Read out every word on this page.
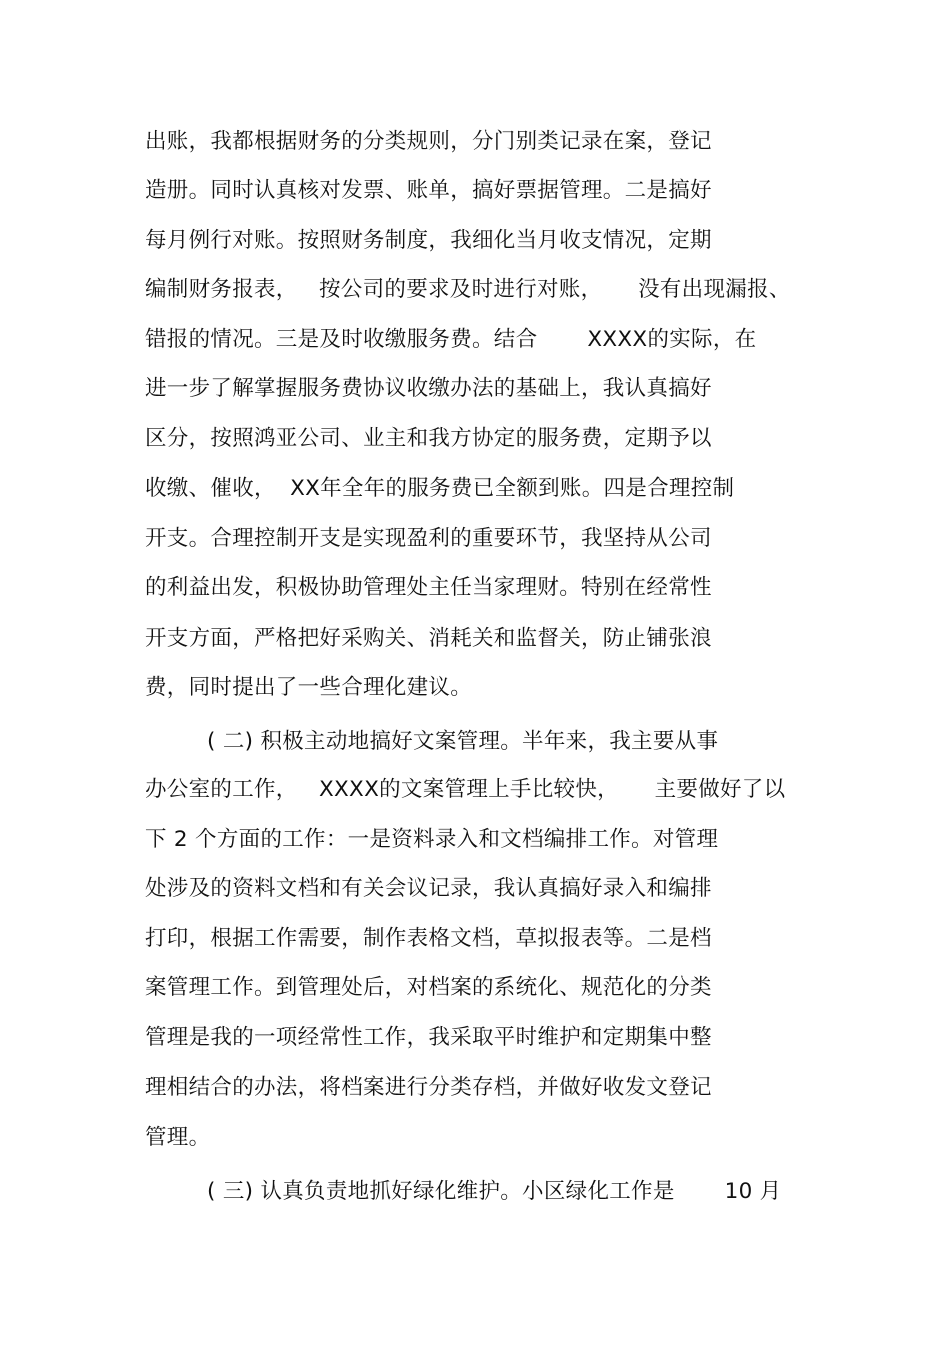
出账，我都根据财务的分类规则，分门别类记录在案，登记
造册。同时认真核对发票、账单，搞好票据管理。二是搞好
每月例行对账。按照财务制度，我细化当月收支情况，定期
编制财务报表，   按公司的要求及时进行对账，     没有出现漏报、
错报的情况。三是及时收缴服务费。结合       XXXX的实际，在
进一步了解掌握服务费协议收缴办法的基础上，我认真搞好
区分，按照鸿亚公司、业主和我方协定的服务费，定期予以
收缴、催收，  XX年全年的服务费已全额到账。四是合理控制
开支。合理控制开支是实现盈利的重要环节，我坚持从公司
的利益出发，积极协助管理处主任当家理财。特别在经常性
开支方面，严格把好采购关、消耗关和监督关，防止铺张浪
费，同时提出了一些合理化建议。
( 二) 积极主动地搞好文案管理。半年来，我主要从事
办公室的工作，   XXXX的文案管理上手比较快，     主要做好了以
下 2 个方面的工作：一是资料录入和文档编排工作。对管理
处涉及的资料文档和有关会议记录，我认真搞好录入和编排
打印，根据工作需要，制作表格文档，草拟报表等。二是档
案管理工作。到管理处后，对档案的系统化、规范化的分类
管理是我的一项经常性工作，我采取平时维护和定期集中整
理相结合的办法，将档案进行分类存档，并做好收发文登记
管理。
( 三) 认真负责地抓好绿化维护。小区绿化工作是       10 月
